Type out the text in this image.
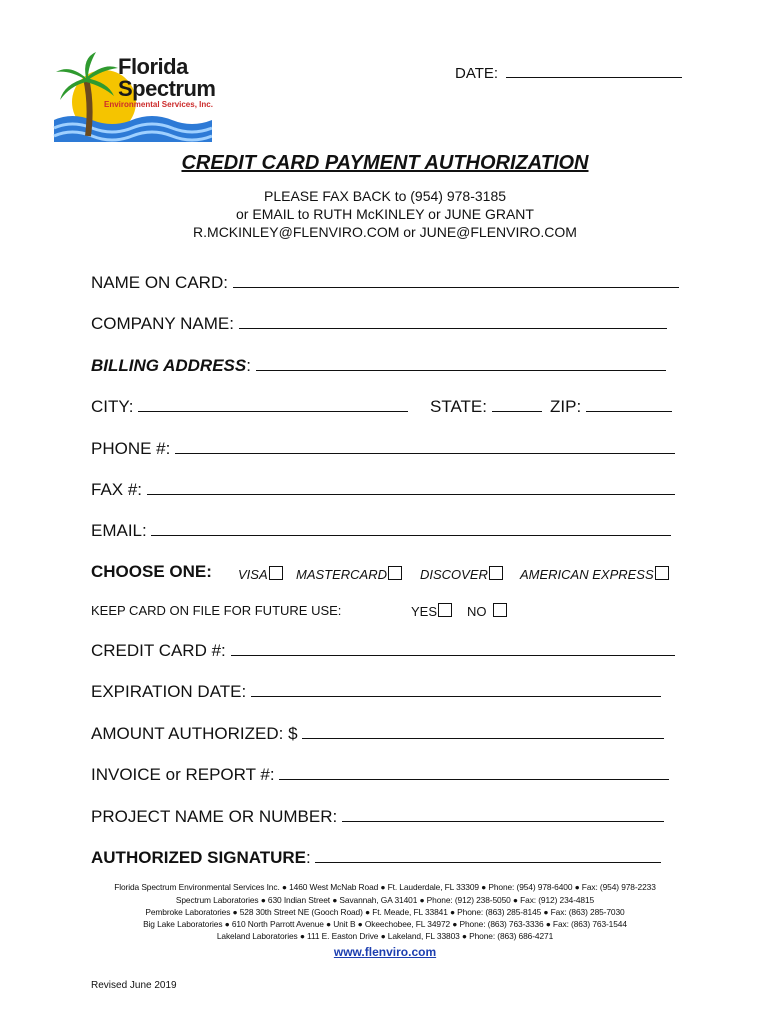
Florida
Spectrum
Environmental Services, Inc.
DATE:
CREDIT CARD PAYMENT AUTHORIZATION
PLEASE FAX BACK to (954) 978-3185
or EMAIL to RUTH McKINLEY or JUNE GRANT
R.MCKINLEY@FLENVIRO.COM or JUNE@FLENVIRO.COM
NAME ON CARD:
COMPANY NAME:
BILLING ADDRESS:
CITY:	STATE:	ZIP:
PHONE #:
FAX #:
EMAIL:
CHOOSE ONE: VISA	MASTERCARD	DISCOVER	AMERICAN EXPRESS
KEEP CARD ON FILE FOR FUTURE USE:	YES	NO
CREDIT CARD #:
EXPIRATION DATE:
AMOUNT AUTHORIZED: $
INVOICE or REPORT #:
PROJECT NAME OR NUMBER:
AUTHORIZED SIGNATURE:
Florida Spectrum Environmental Services Inc. ● 1460 West McNab Road ● Ft. Lauderdale, FL 33309 ● Phone: (954) 978-6400 ● Fax: (954) 978-2233
Spectrum Laboratories ● 630 Indian Street ● Savannah, GA 31401 ● Phone: (912) 238-5050 ● Fax: (912) 234-4815
Pembroke Laboratories ● 528 30th Street NE (Gooch Road) ● Ft. Meade, FL 33841 ● Phone: (863) 285-8145 ● Fax: (863) 285-7030
Big Lake Laboratories ● 610 North Parrott Avenue ● Unit B ● Okeechobee, FL 34972 ● Phone: (863) 763-3336 ● Fax: (863) 763-1544
Lakeland Laboratories ● 111 E. Easton Drive ● Lakeland, FL 33803 ● Phone: (863) 686-4271
www.flenviro.com
Revised June 2019
